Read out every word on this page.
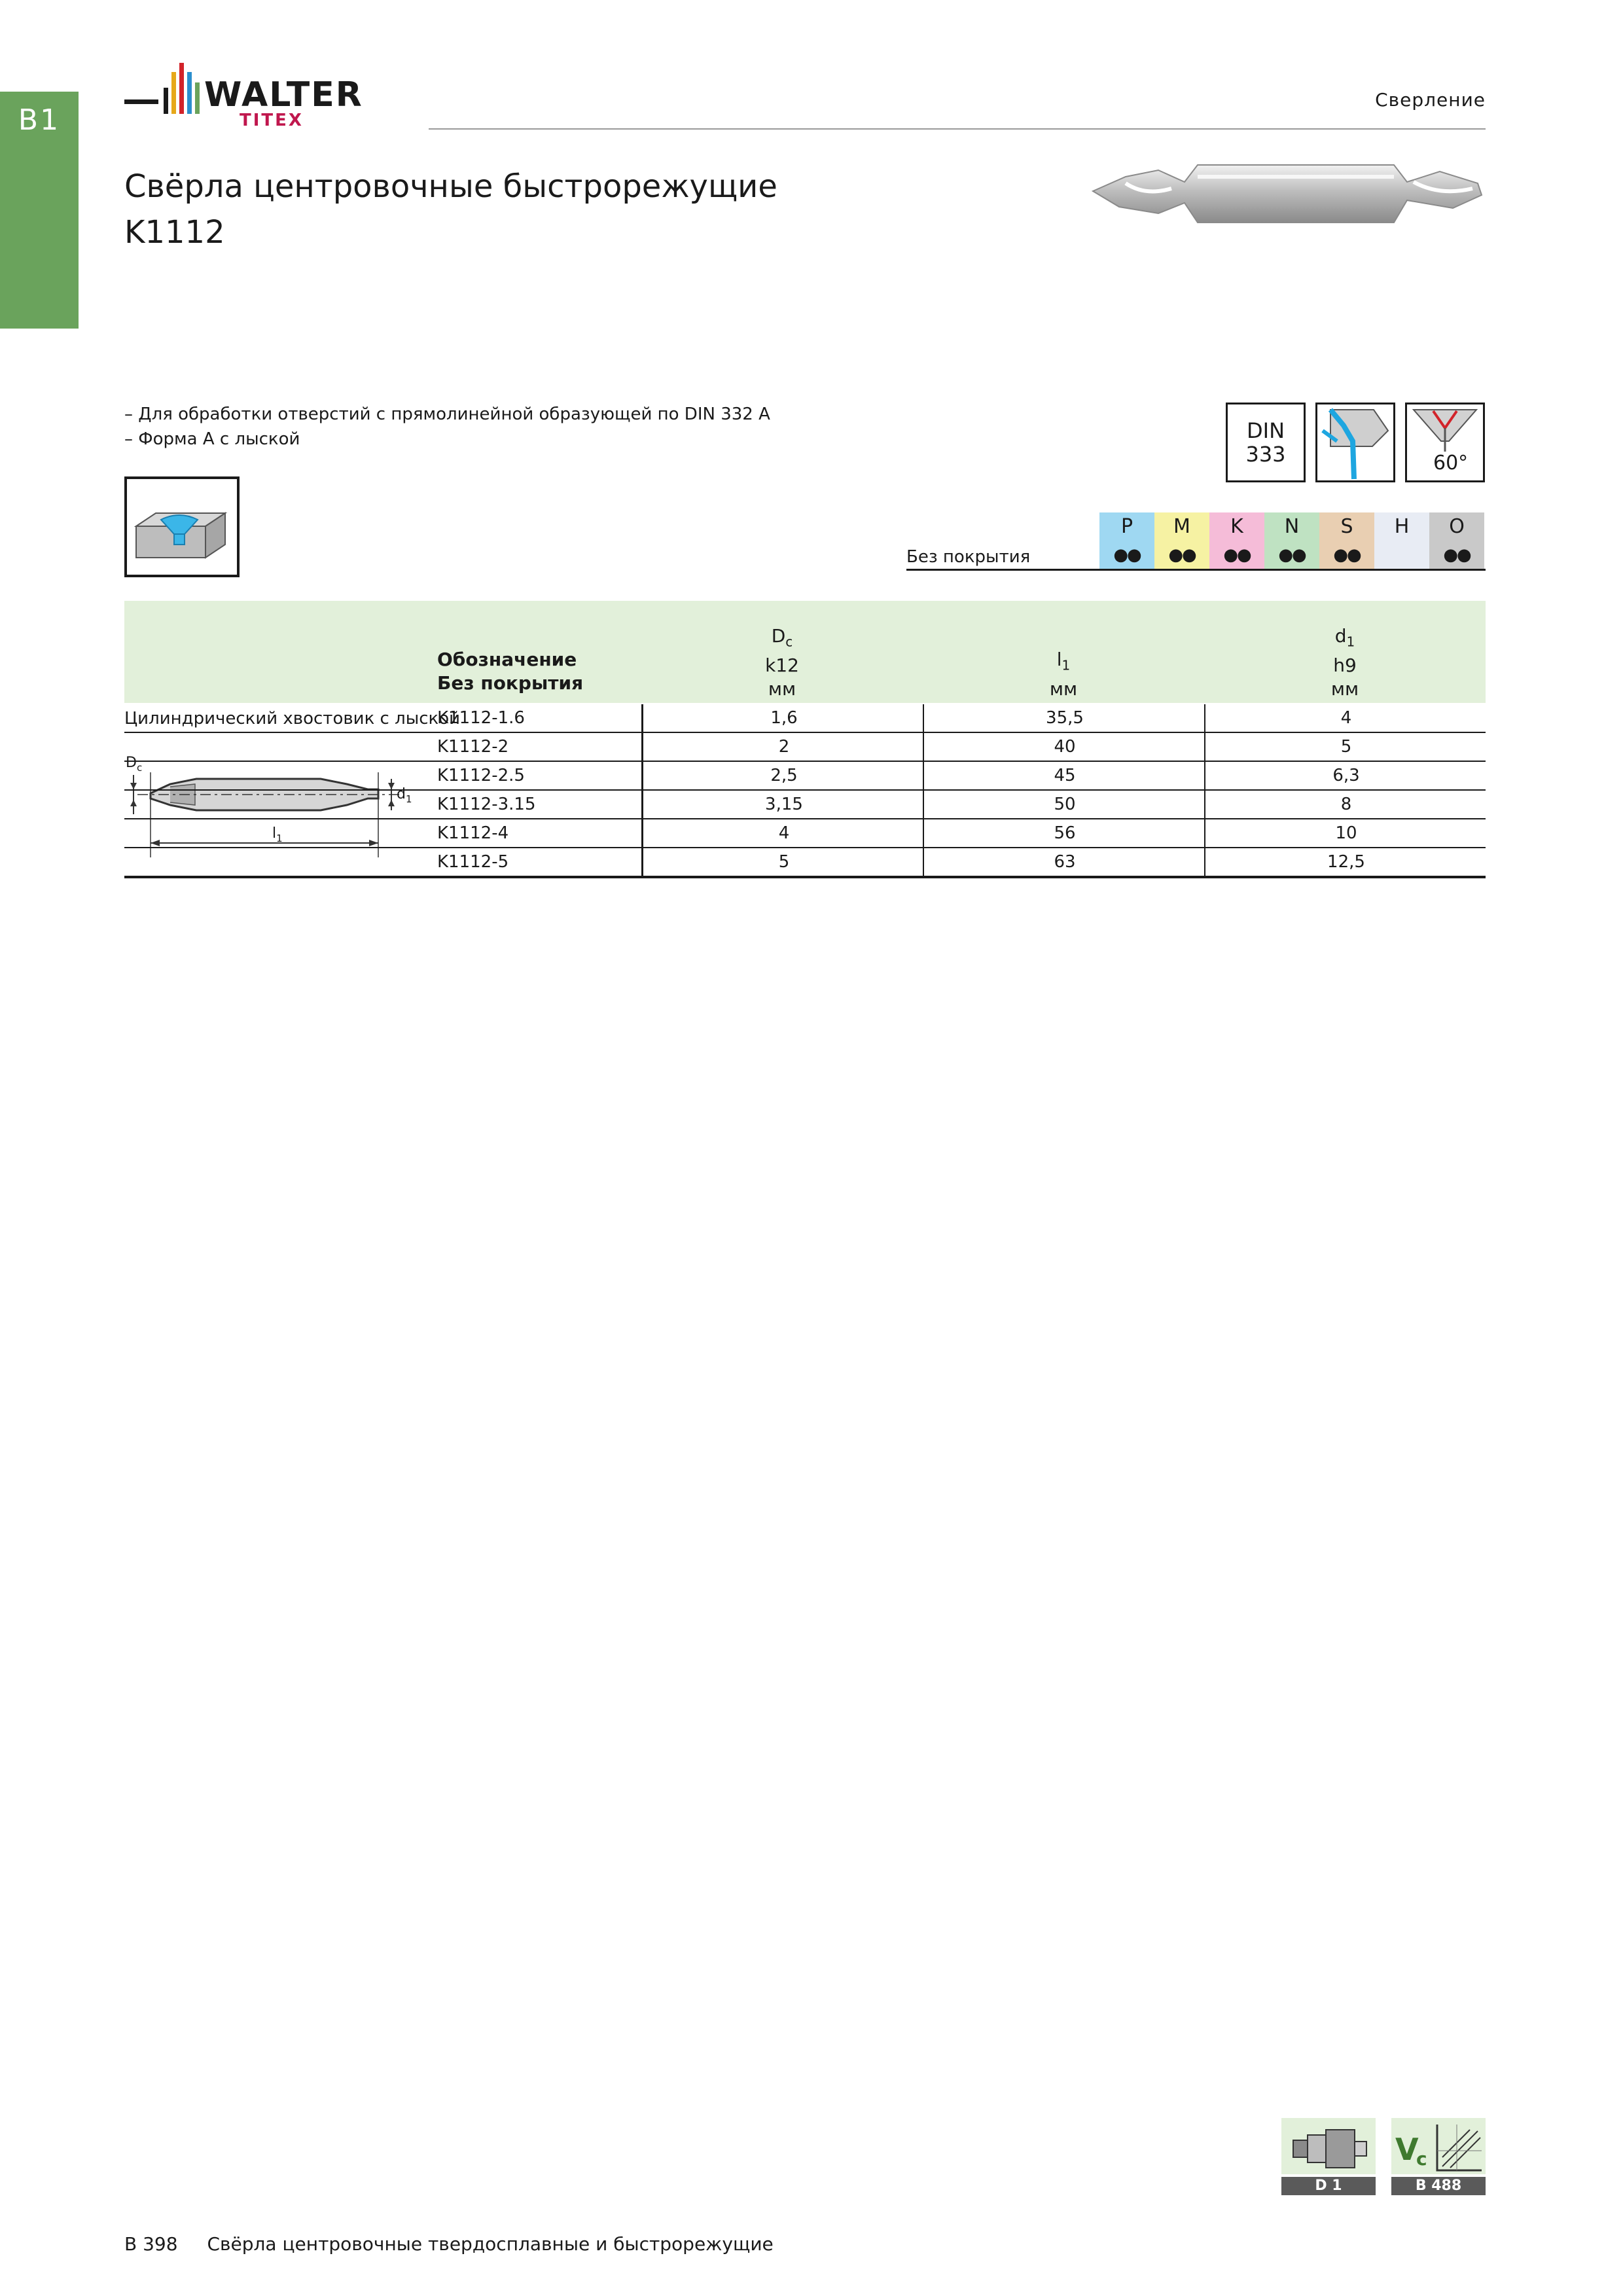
B1
WALTER
TITEX
Сверление
Свёрла центровочные быстрорежущие
K1112
– Для обработки отверстий с прямолинейной образующей по DIN 332 A
– Форма A с лыской	DIN
333	60°
P	M	K	N	S	H	O
Без покрытия	●●	●●	●●	●●	●●	●●
Обозначение
Без покрытия
$D_c$
k12
мм
$l_1$
мм
$d_1$
h9
мм
Цилиндрический хвостовик с лыской
$D_c$
$d_1$
$l_1$
K1112-1.6	1,6	35,5	4
K1112-2	2	40	5
K1112-2.5	2,5	45	6,3
K1112-3.15	3,15	50	8
K1112-4	4	56	10
K1112-5	5	63	12,5
D 1
V
c
B 488
B 398 Свёрла центровочные твердосплавные и быстрорежущие
